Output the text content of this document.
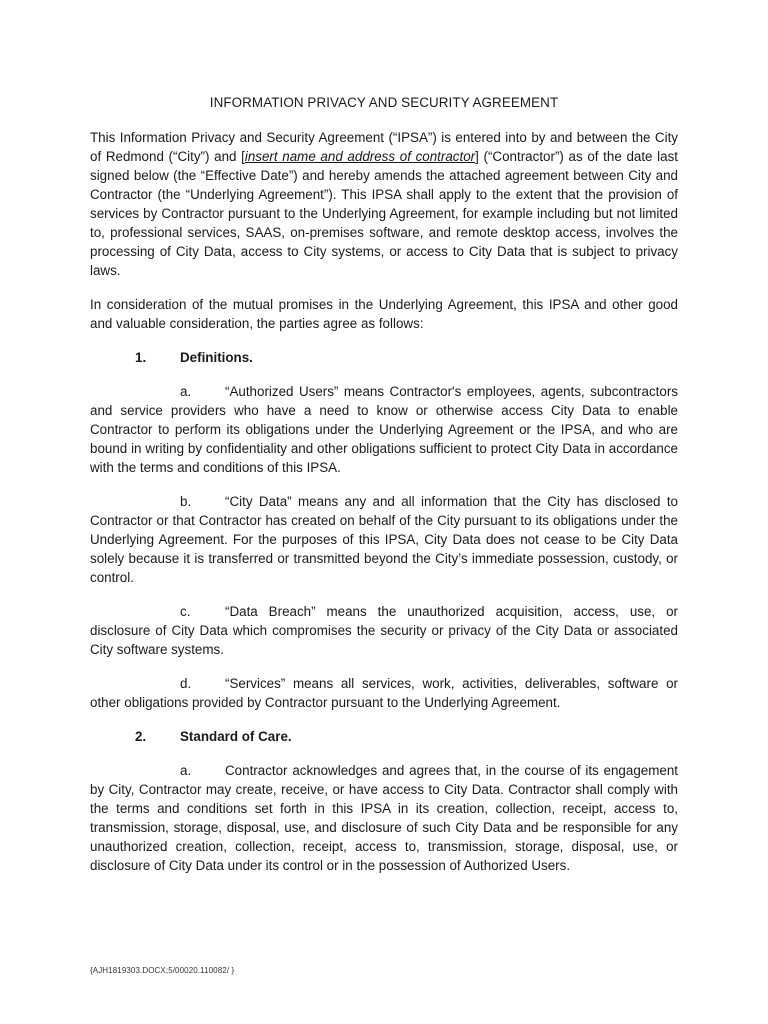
INFORMATION PRIVACY AND SECURITY AGREEMENT

This Information Privacy and Security Agreement (“IPSA”) is entered into by and between the City of Redmond (“City”) and [insert name and address of contractor] (“Contractor”) as of the date last signed below (the “Effective Date”) and hereby amends the attached agreement between City and Contractor (the “Underlying Agreement”). This IPSA shall apply to the extent that the provision of services by Contractor pursuant to the Underlying Agreement, for example including but not limited to, professional services, SAAS, on-premises software, and remote desktop access, involves the processing of City Data, access to City systems, or access to City Data that is subject to privacy laws.

In consideration of the mutual promises in the Underlying Agreement, this IPSA and other good and valuable consideration, the parties agree as follows:

1.	Definitions.

a.	“Authorized Users” means Contractor's employees, agents, subcontractors and service providers who have a need to know or otherwise access City Data to enable Contractor to perform its obligations under the Underlying Agreement or the IPSA, and who are bound in writing by confidentiality and other obligations sufficient to protect City Data in accordance with the terms and conditions of this IPSA.

b.	“City Data” means any and all information that the City has disclosed to Contractor or that Contractor has created on behalf of the City pursuant to its obligations under the Underlying Agreement. For the purposes of this IPSA, City Data does not cease to be City Data solely because it is transferred or transmitted beyond the City’s immediate possession, custody, or control.

c.	“Data Breach” means the unauthorized acquisition, access, use, or disclosure of City Data which compromises the security or privacy of the City Data or associated City software systems.

d.	“Services” means all services, work, activities, deliverables, software or other obligations provided by Contractor pursuant to the Underlying Agreement.

2.	Standard of Care.

a.	Contractor acknowledges and agrees that, in the course of its engagement by City, Contractor may create, receive, or have access to City Data. Contractor shall comply with the terms and conditions set forth in this IPSA in its creation, collection, receipt, access to, transmission, storage, disposal, use, and disclosure of such City Data and be responsible for any unauthorized creation, collection, receipt, access to, transmission, storage, disposal, use, or disclosure of City Data under its control or in the possession of Authorized Users.

{AJH1819303.DOCX;5/00020.110082/ }
